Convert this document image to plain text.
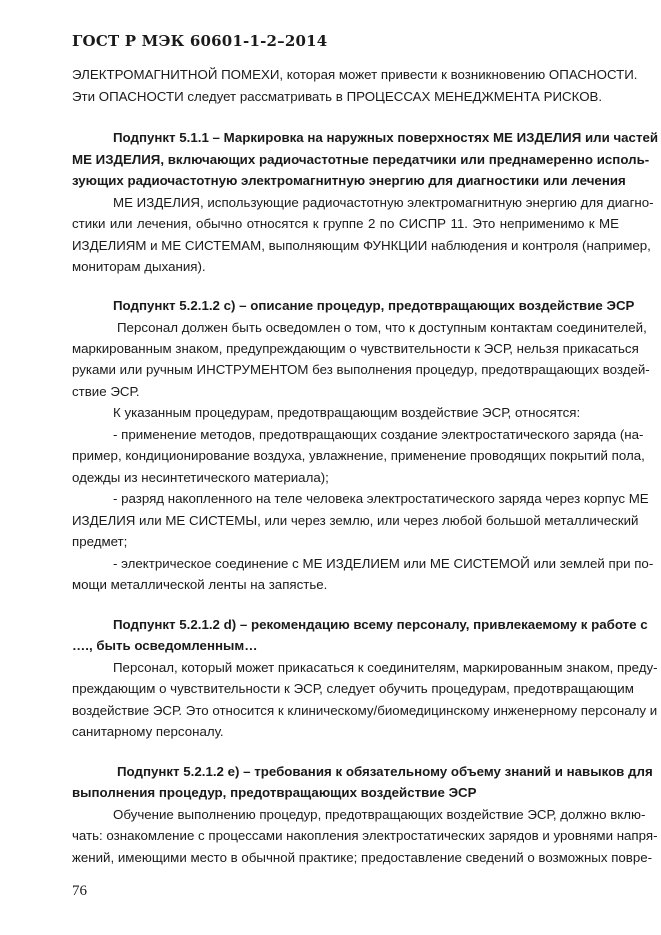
ГОСТ Р МЭК 60601-1-2–2014
ЭЛЕКТРОМАГНИТНОЙ ПОМЕХИ, которая может привести к возникновению ОПАСНОСТИ.
Эти ОПАСНОСТИ следует рассматривать в ПРОЦЕССАХ МЕНЕДЖМЕНТА РИСКОВ.
Подпункт 5.1.1 – Маркировка на наружных поверхностях МЕ ИЗДЕЛИЯ или частей
МЕ ИЗДЕЛИЯ, включающих радиочастотные передатчики или преднамеренно исполь-
зующих радиочастотную электромагнитную энергию для диагностики или лечения
МЕ ИЗДЕЛИЯ, использующие радиочастотную электромагнитную энергию для диагно-
стики или лечения, обычно относятся к группе 2 по СИСПР 11. Это неприменимо к МЕ
ИЗДЕЛИЯМ и МЕ СИСТЕМАМ, выполняющим ФУНКЦИИ наблюдения и контроля (например,
мониторам дыхания).
Подпункт 5.2.1.2 с) – описание процедур, предотвращающих воздействие ЭСР
Персонал должен быть осведомлен о том, что к доступным контактам соединителей,
маркированным знаком, предупреждающим о чувствительности к ЭСР, нельзя прикасаться
руками или ручным ИНСТРУМЕНТОМ без выполнения процедур, предотвращающих воздей-
ствие ЭСР.
К указанным процедурам, предотвращающим воздействие ЭСР, относятся:
- применение методов, предотвращающих создание электростатического заряда (на-
пример, кондиционирование воздуха, увлажнение, применение проводящих покрытий пола,
одежды из несинтетического материала);
- разряд накопленного на теле человека электростатического заряда через корпус МЕ
ИЗДЕЛИЯ или МЕ СИСТЕМЫ, или через землю, или через любой большой металлический
предмет;
- электрическое соединение с МЕ ИЗДЕЛИЕМ или МЕ СИСТЕМОЙ или землей при по-
мощи металлической ленты на запястье.
Подпункт 5.2.1.2 d) – рекомендацию всему персоналу, привлекаемому к работе с
…., быть осведомленным…
Персонал, который может прикасаться к соединителям, маркированным знаком, преду-
преждающим о чувствительности к ЭСР, следует обучить процедурам, предотвращающим
воздействие ЭСР. Это относится к клиническому/биомедицинскому инженерному персоналу и
санитарному персоналу.
Подпункт 5.2.1.2 е) – требования к обязательному объему знаний и навыков для
выполнения процедур, предотвращающих воздействие ЭСР
Обучение выполнению процедур, предотвращающих воздействие ЭСР, должно вклю-
чать: ознакомление с процессами накопления электростатических зарядов и уровнями напря-
жений, имеющими место в обычной практике; предоставление сведений о возможных повре-
76
